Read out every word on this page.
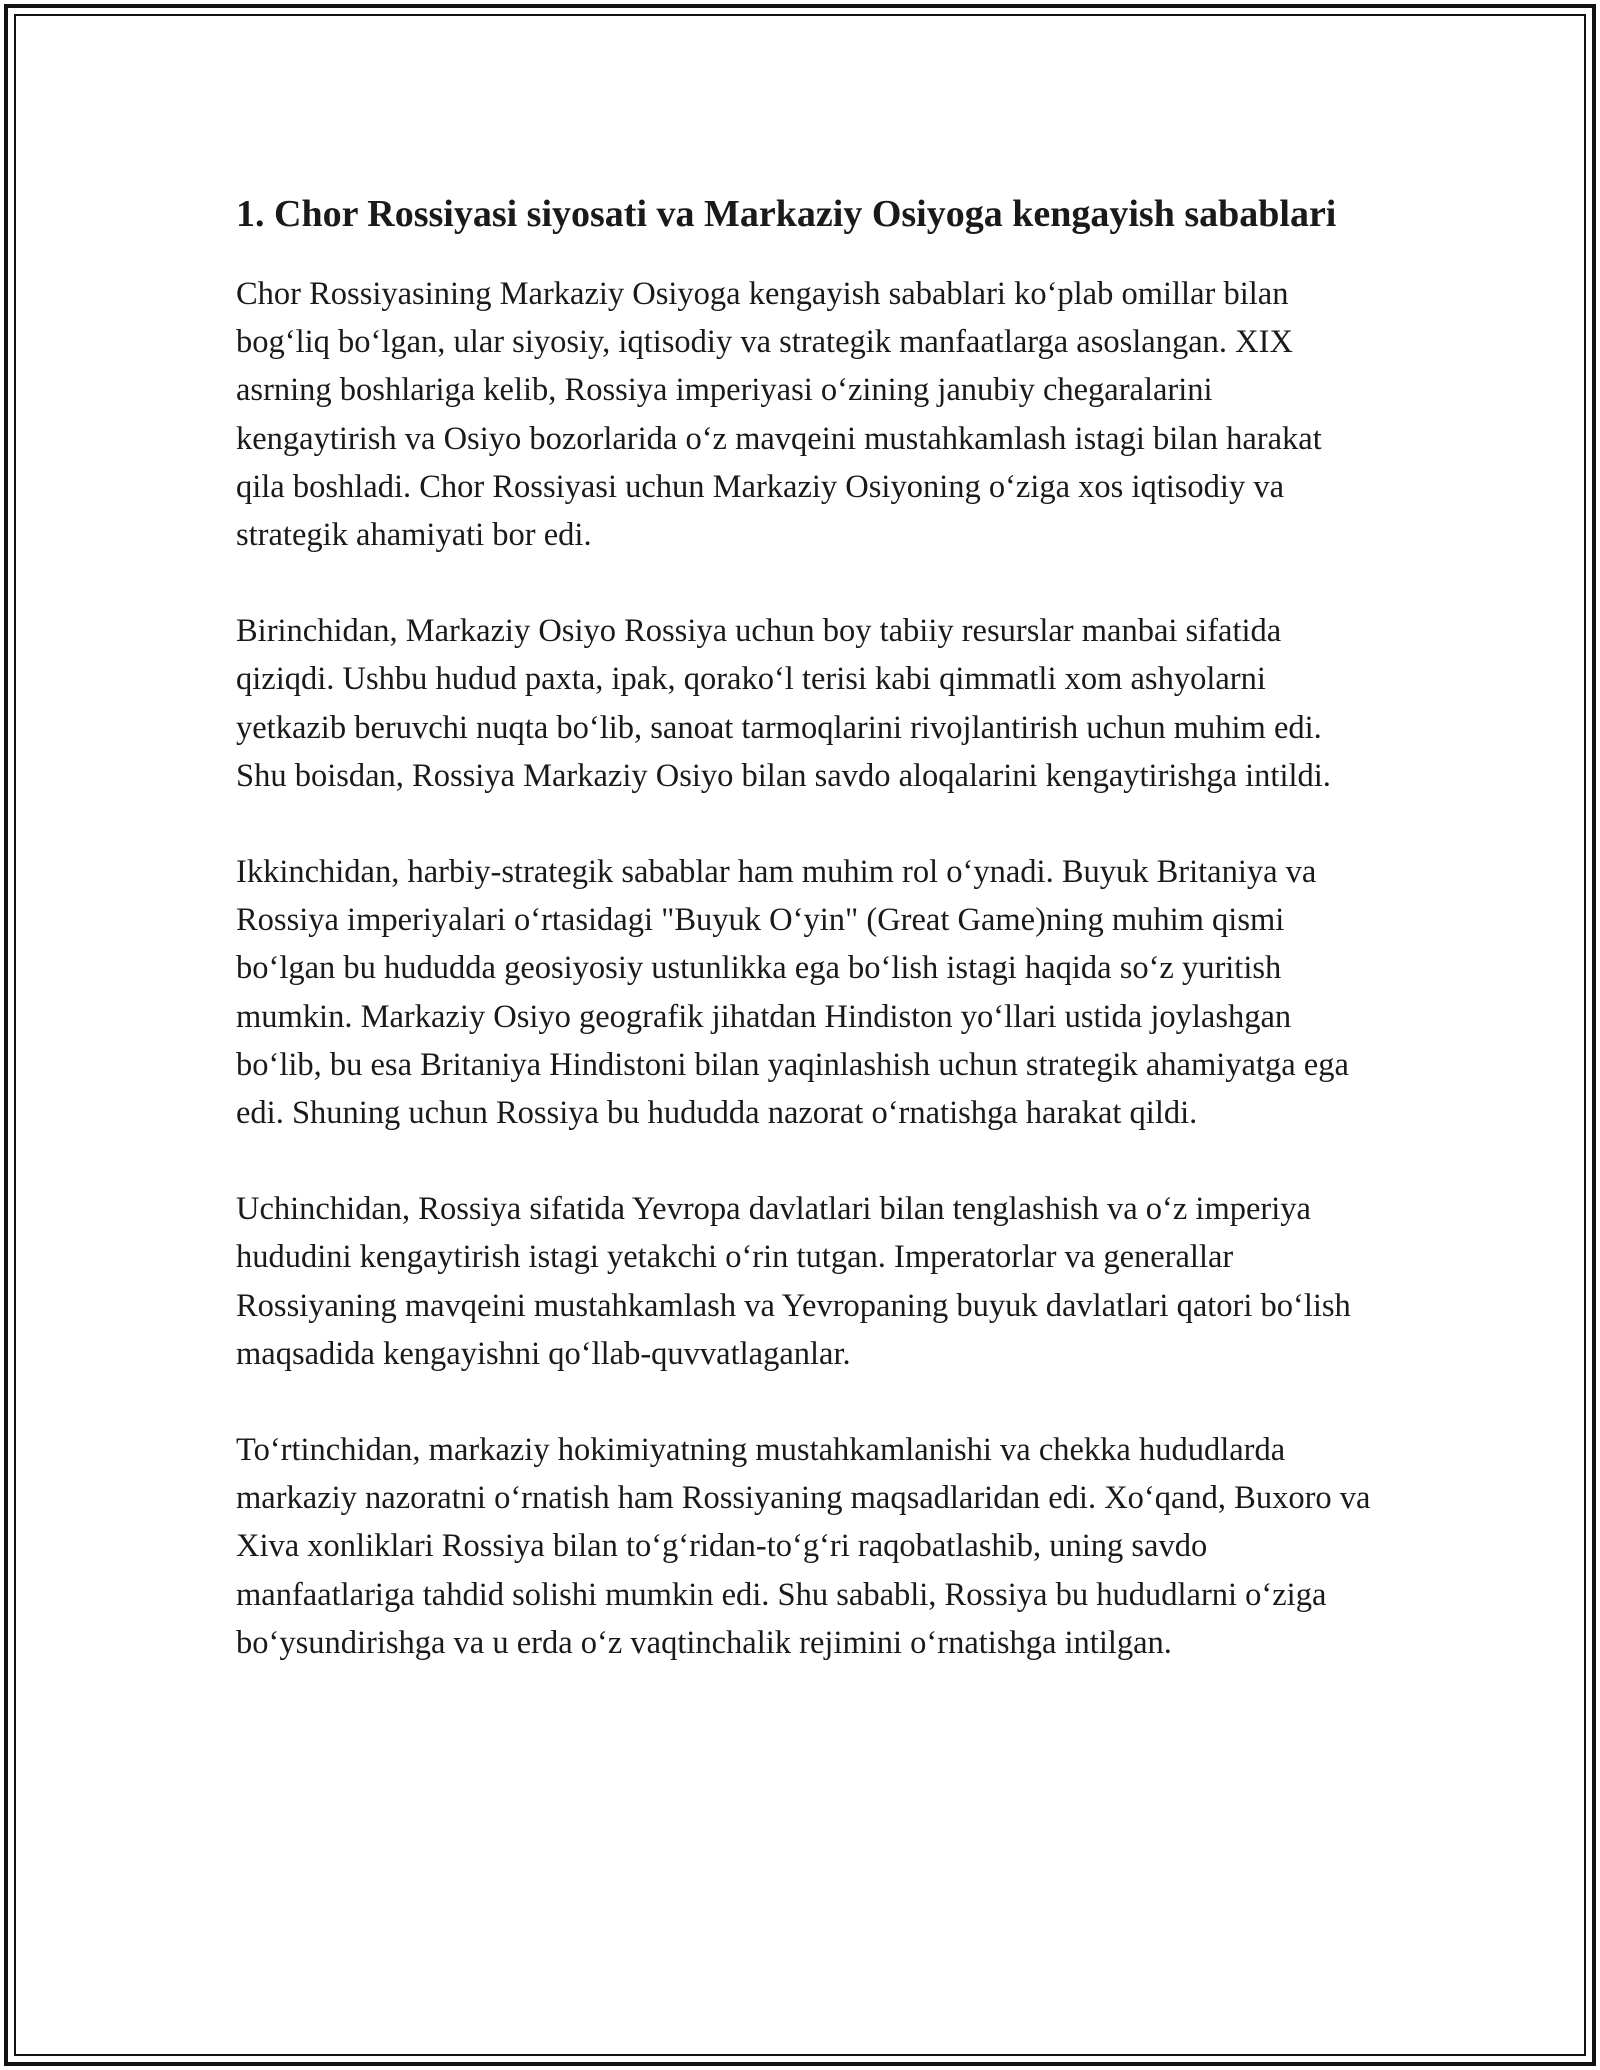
1. Chor Rossiyasi siyosati va Markaziy Osiyoga kengayish sabablari

Chor Rossiyasining Markaziy Osiyoga kengayish sabablari ko‘plab omillar bilan bog‘liq bo‘lgan, ular siyosiy, iqtisodiy va strategik manfaatlarga asoslangan. XIX asrning boshlariga kelib, Rossiya imperiyasi o‘zining janubiy chegaralarini kengaytirish va Osiyo bozorlarida o‘z mavqeini mustahkamlash istagi bilan harakat qila boshladi. Chor Rossiyasi uchun Markaziy Osiyoning o‘ziga xos iqtisodiy va strategik ahamiyati bor edi.

Birinchidan, Markaziy Osiyo Rossiya uchun boy tabiiy resurslar manbai sifatida qiziqdi. Ushbu hudud paxta, ipak, qorako‘l terisi kabi qimmatli xom ashyolarni yetkazib beruvchi nuqta bo‘lib, sanoat tarmoqlarini rivojlantirish uchun muhim edi. Shu boisdan, Rossiya Markaziy Osiyo bilan savdo aloqalarini kengaytirishga intildi.

Ikkinchidan, harbiy-strategik sabablar ham muhim rol o‘ynadi. Buyuk Britaniya va Rossiya imperiyalari o‘rtasidagi "Buyuk O‘yin" (Great Game)ning muhim qismi bo‘lgan bu hududda geosiyosiy ustunlikka ega bo‘lish istagi haqida so‘z yuritish mumkin. Markaziy Osiyo geografik jihatdan Hindiston yo‘llari ustida joylashgan bo‘lib, bu esa Britaniya Hindistoni bilan yaqinlashish uchun strategik ahamiyatga ega edi. Shuning uchun Rossiya bu hududda nazorat o‘rnatishga harakat qildi.

Uchinchidan, Rossiya sifatida Yevropa davlatlari bilan tenglashish va o‘z imperiya hududini kengaytirish istagi yetakchi o‘rin tutgan. Imperatorlar va generallar Rossiyaning mavqeini mustahkamlash va Yevropaning buyuk davlatlari qatori bo‘lish maqsadida kengayishni qo‘llab-quvvatlaganlar.

To‘rtinchidan, markaziy hokimiyatning mustahkamlanishi va chekka hududlarda markaziy nazoratni o‘rnatish ham Rossiyaning maqsadlaridan edi. Xo‘qand, Buxoro va Xiva xonliklari Rossiya bilan to‘g‘ridan-to‘g‘ri raqobatlashib, uning savdo manfaatlariga tahdid solishi mumkin edi. Shu sababli, Rossiya bu hududlarni o‘ziga bo‘ysundirishga va u erda o‘z vaqtinchalik rejimini o‘rnatishga intilgan.
